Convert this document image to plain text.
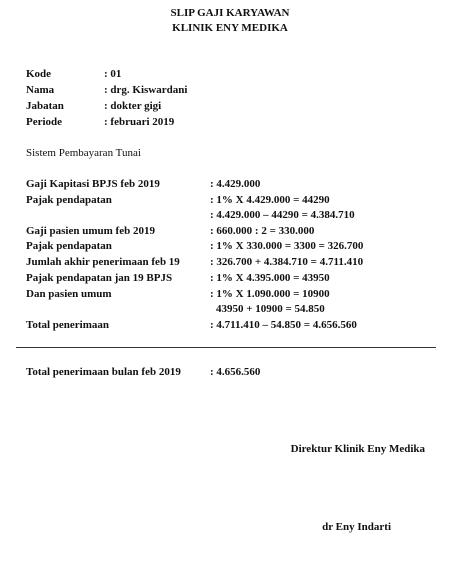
SLIP GAJI KARYAWAN
KLINIK ENY MEDIKA
Kode	: 01
Nama	: drg. Kiswardani
Jabatan	: dokter gigi
Periode	: februari 2019
Sistem Pembayaran Tunai
Gaji Kapitasi BPJS feb 2019	: 4.429.000
Pajak pendapatan	: 1% X 4.429.000 = 44290
: 4.429.000 – 44290 = 4.384.710
Gaji pasien umum feb 2019	: 660.000 : 2 = 330.000
Pajak pendapatan	: 1% X 330.000 = 3300 = 326.700
Jumlah akhir penerimaan feb 19	: 326.700 + 4.384.710 = 4.711.410
Pajak pendapatan jan 19 BPJS	: 1% X 4.395.000 = 43950
Dan pasien umum	: 1% X 1.090.000 = 10900
43950 + 10900 = 54.850
Total penerimaan	: 4.711.410 – 54.850 = 4.656.560
Total penerimaan bulan feb 2019	: 4.656.560
Direktur Klinik Eny Medika
dr Eny Indarti
